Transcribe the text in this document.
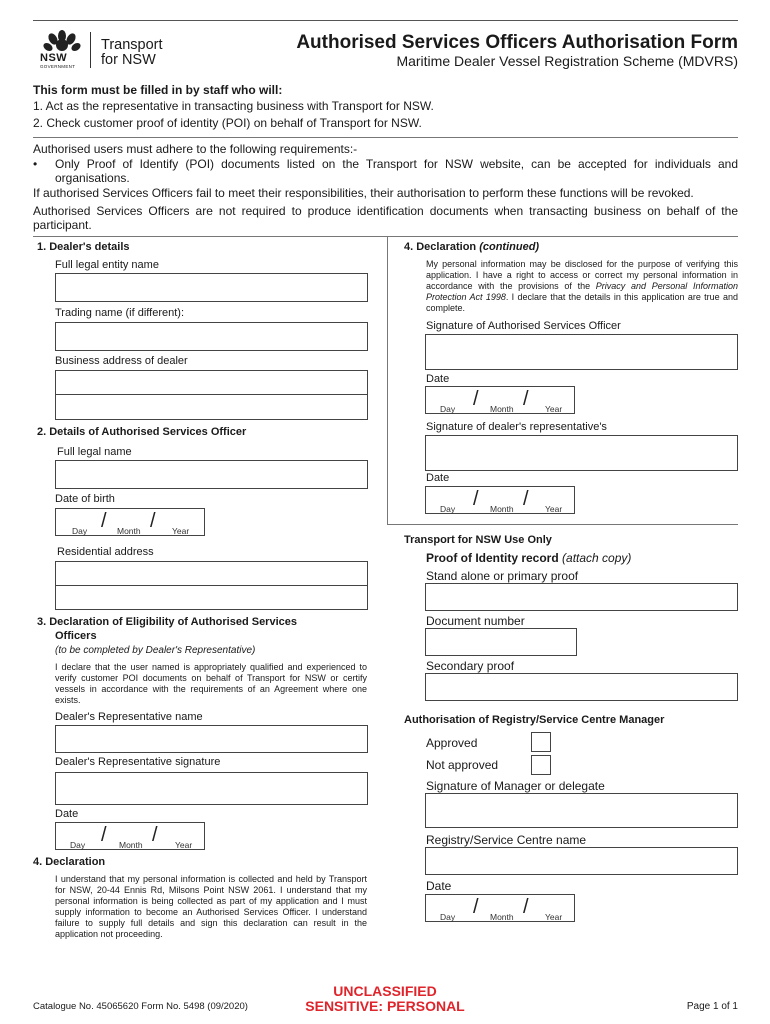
NSW
GOVERNMENT
Transport
for NSW
Authorised Services Officers Authorisation Form
Maritime Dealer Vessel Registration Scheme (MDVRS)
This form must be filled in by staff who will:
1. Act as the representative in transacting business with Transport for NSW.
2. Check customer proof of identity (POI) on behalf of Transport for NSW.
Authorised users must adhere to the following requirements:-
• Only Proof of Identify (POI) documents listed on the Transport for NSW website, can be accepted for individuals and organisations.
If authorised Services Officers fail to meet their responsibilities, their authorisation to perform these functions will be revoked.
Authorised Services Officers are not required to produce identification documents when transacting business on behalf of the participant.
1. Dealer's details
Full legal entity name
Trading name (if different):
Business address of dealer
2. Details of Authorised Services Officer
Full legal name
Date of birth
Day / Month / Year
Residential address
3. Declaration of Eligibility of Authorised Services
Officers
(to be completed by Dealer's Representative)
I declare that the user named is appropriately qualified and experienced to verify customer POI documents on behalf of Transport for NSW or certify vessels in accordance with the requirements of an Agreement where one exists.
Dealer's Representative name
Dealer's Representative signature
Date
Day / Month / Year
4. Declaration
I understand that my personal information is collected and held by Transport for NSW, 20-44 Ennis Rd, Milsons Point NSW 2061. I understand that my personal information is being collected as part of my application and I must supply information to become an Authorised Services Officer. I understand failure to supply full details and sign this declaration can result in the application not proceeding.
4. Declaration (continued)
My personal information may be disclosed for the purpose of verifying this application. I have a right to access or correct my personal information in accordance with the provisions of the Privacy and Personal Information Protection Act 1998. I declare that the details in this application are true and complete.
Signature of Authorised Services Officer
Date
Day / Month / Year
Signature of dealer's representative's
Date
Day / Month / Year
Transport for NSW Use Only
Proof of Identity record (attach copy)
Stand alone or primary proof
Document number
Secondary proof
Authorisation of Registry/Service Centre Manager
Approved
Not approved
Signature of Manager or delegate
Registry/Service Centre name
Date
Day / Month / Year
Catalogue No. 45065620 Form No. 5498 (09/2020)
UNCLASSIFIED
SENSITIVE: PERSONAL	Page 1 of 1
